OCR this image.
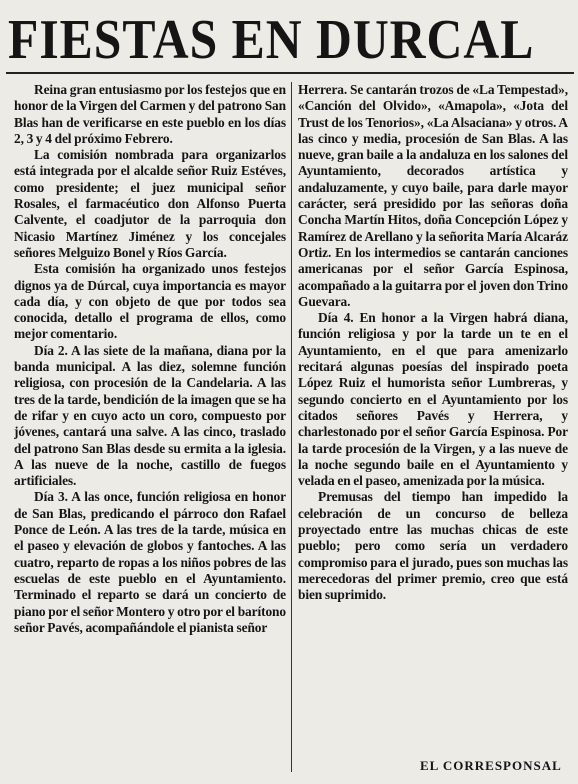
FIESTAS EN DURCAL

Reina gran entusiasmo por los festejos que en honor de la Virgen del Carmen y del patrono San Blas han de verificarse en este pueblo en los días 2, 3 y 4 del próximo Febrero.

La comisión nombrada para organizarlos está integrada por el alcalde señor Ruiz Estéves, como presidente; el juez municipal señor Rosales, el farmacéutico don Alfonso Puerta Calvente, el coadjutor de la parroquia don Nicasio Martínez Jiménez y los concejales señores Melguizo Bonel y Ríos García.

Esta comisión ha organizado unos festejos dignos ya de Dúrcal, cuya importancia es mayor cada día, y con objeto de que por todos sea conocida, detallo el programa de ellos, como mejor comentario.

Día 2. A las siete de la mañana, diana por la banda municipal. A las diez, solemne función religiosa, con procesión de la Candelaria. A las tres de la tarde, bendición de la imagen que se ha de rifar y en cuyo acto un coro, compuesto por jóvenes, cantará una salve. A las cinco, traslado del patrono San Blas desde su ermita a la iglesia. A las nueve de la noche, castillo de fuegos artificiales.

Día 3. A las once, función religiosa en honor de San Blas, predicando el párroco don Rafael Ponce de León. A las tres de la tarde, música en el paseo y elevación de globos y fantoches. A las cuatro, reparto de ropas a los niños pobres de las escuelas de este pueblo en el Ayuntamiento. Terminado el reparto se dará un concierto de piano por el señor Montero y otro por el barítono señor Pavés, acompañándole el pianista señor

Herrera. Se cantarán trozos de «La Tempestad», «Canción del Olvido», «Amapola», «Jota del Trust de los Tenorios», «La Alsaciana» y otros. A las cinco y media, procesión de San Blas. A las nueve, gran baile a la andaluza en los salones del Ayuntamiento, decorados artística y andaluzamente, y cuyo baile, para darle mayor carácter, será presidido por las señoras doña Concha Martín Hitos, doña Concepción López y Ramírez de Arellano y la señorita María Alcaráz Ortiz. En los intermedios se cantarán canciones americanas por el señor García Espinosa, acompañado a la guitarra por el joven don Trino Guevara.

Día 4. En honor a la Virgen habrá diana, función religiosa y por la tarde un te en el Ayuntamiento, en el que para amenizarlo recitará algunas poesías del inspirado poeta López Ruiz el humorista señor Lumbreras, y segundo concierto en el Ayuntamiento por los citados señores Pavés y Herrera, y charlestonado por el señor García Espinosa. Por la tarde procesión de la Virgen, y a las nueve de la noche segundo baile en el Ayuntamiento y velada en el paseo, amenizada por la música.

Premusas del tiempo han impedido la celebración de un concurso de bellezа proyectado entre las muchas chicas de este pueblo; pero como sería un verdadero compromiso para el jurado, pues son muchas las merecedoras del primer premio, creo que está bien suprimido.

EL CORRESPONSAL
